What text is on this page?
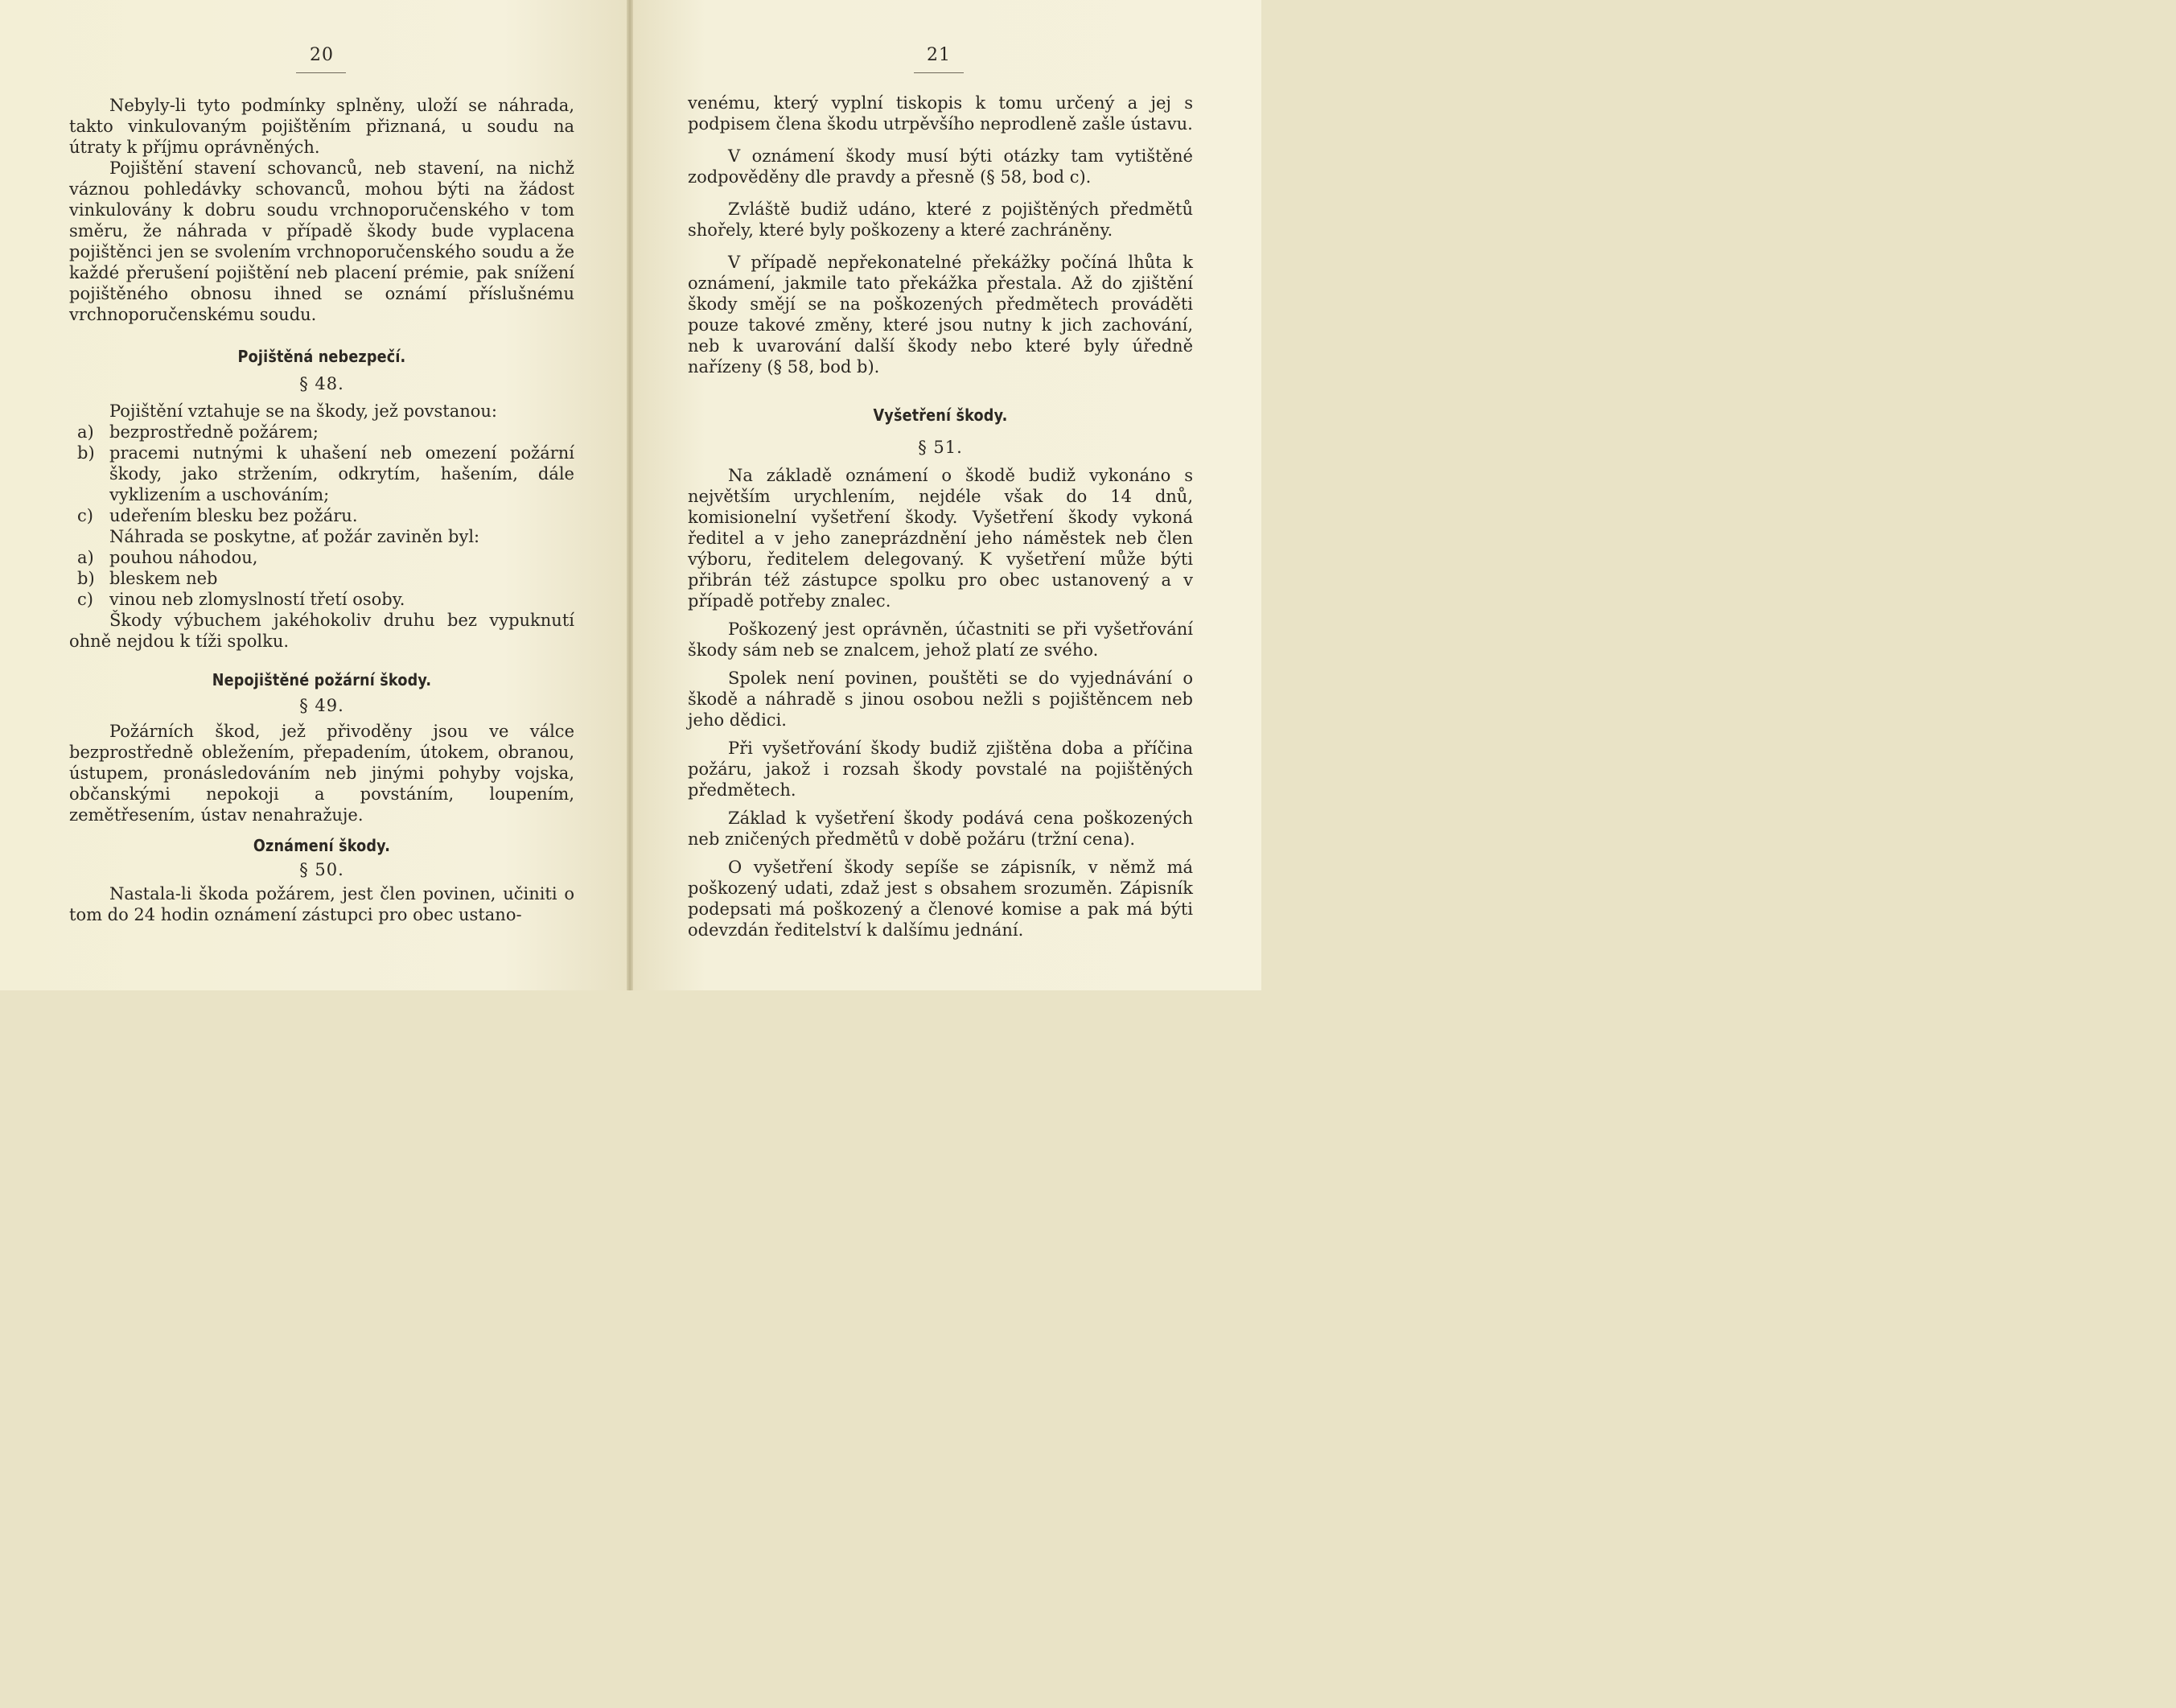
20

Nebyly-li tyto podmínky splněny, uloží se náhrada, takto vinkulovaným pojištěním přiznaná, u soudu na útraty k příjmu oprávněných.

Pojištění stavení schovanců, neb stavení, na nichž váznou pohledávky schovanců, mohou býti na žádost vinkulovány k dobru soudu vrchnoporučenského v tom směru, že náhrada v případě škody bude vyplacena pojištěnci jen se svolením vrchnoporučenského soudu a že každé přerušení pojištění neb placení prémie, pak snížení pojištěného obnosu ihned se oznámí příslušnému vrchnoporučenskému soudu.

Pojištěná nebezpečí.
§ 48.

Pojištění vztahuje se na škody, jež povstanou:

a) bezprostředně požárem;
b) pracemi nutnými k uhašení neb omezení požární škody, jako stržením, odkrytím, hašením, dále vyklizením a uschováním;
c) udeřením blesku bez požáru.

Náhrada se poskytne, ať požár zaviněn byl:

a) pouhou náhodou,
b) bleskem neb
c) vinou neb zlomyslností třetí osoby.

Škody výbuchem jakéhokoliv druhu bez vypuknutí ohně nejdou k tíži spolku.

Nepojištěné požární škody.
§ 49.

Požárních škod, jež přivoděny jsou ve válce bezprostředně obležením, přepadením, útokem, obranou, ústupem, pronásledováním neb jinými pohyby vojska, občanskými nepokoji a povstáním, loupením, zemětřesením, ústav nenahražuje.

Oznámení škody.
§ 50.

Nastala-li škoda požárem, jest člen povinen, učiniti o tom do 24 hodin oznámení zástupci pro obec ustano-

21

venému, který vyplní tiskopis k tomu určený a jej s podpisem člena škodu utrpěvšího neprodleně zašle ústavu.

V oznámení škody musí býti otázky tam vytištěné zodpověděny dle pravdy a přesně (§ 58, bod c).

Zvláště budiž udáno, které z pojištěných předmětů shořely, které byly poškozeny a které zachráněny.

V případě nepřekonatelné překážky počíná lhůta k oznámení, jakmile tato překážka přestala. Až do zjištění škody smějí se na poškozených předmětech prováděti pouze takové změny, které jsou nutny k jich zachování, neb k uvarování další škody nebo které byly úředně nařízeny (§ 58, bod b).

Vyšetření škody.
§ 51.

Na základě oznámení o škodě budiž vykonáno s největším urychlením, nejdéle však do 14 dnů, komisionelní vyšetření škody. Vyšetření škody vykoná ředitel a v jeho zaneprázdnění jeho náměstek neb člen výboru, ředitelem delegovaný. K vyšetření může býti přibrán též zástupce spolku pro obec ustanovený a v případě potřeby znalec.

Poškozený jest oprávněn, účastniti se při vyšetřování škody sám neb se znalcem, jehož platí ze svého.

Spolek není povinen, pouštěti se do vyjednávání o škodě a náhradě s jinou osobou nežli s pojištěncem neb jeho dědici.

Při vyšetřování škody budiž zjištěna doba a příčina požáru, jakož i rozsah škody povstalé na pojištěných předmětech.

Základ k vyšetření škody podává cena poškozených neb zničených předmětů v době požáru (tržní cena).

O vyšetření škody sepíše se zápisník, v němž má poškozený udati, zdaž jest s obsahem srozuměn. Zápisník podepsati má poškozený a členové komise a pak má býti odevzdán ředitelství k dalšímu jednání.
